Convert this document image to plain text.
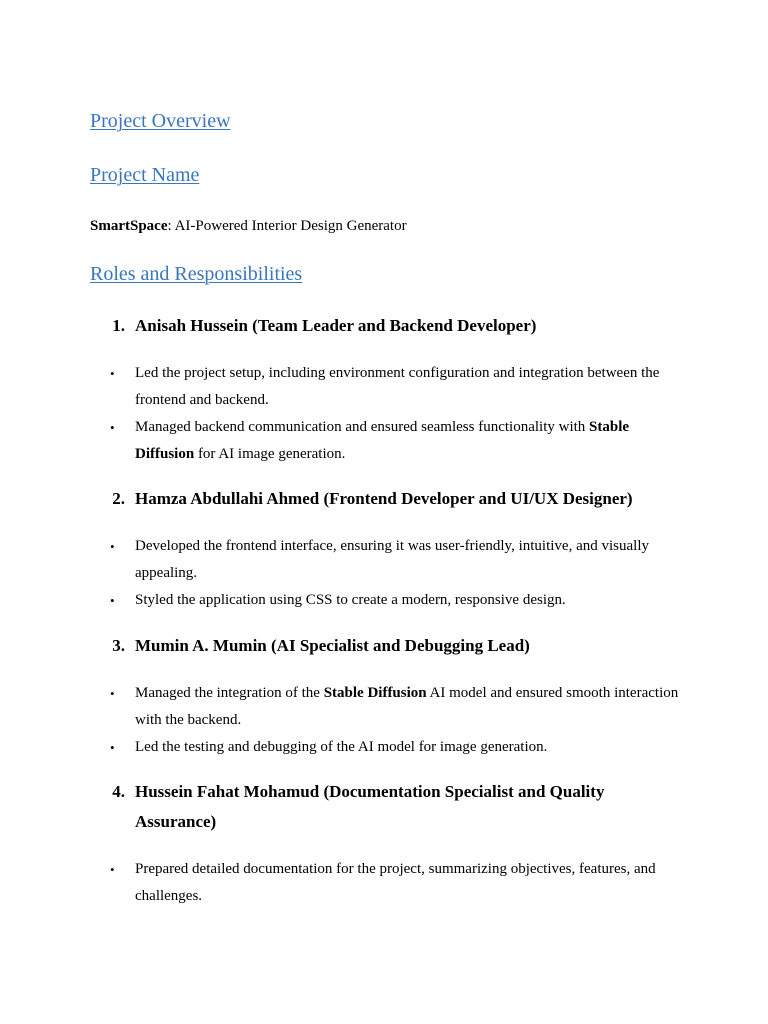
Project Overview
Project Name
SmartSpace: AI-Powered Interior Design Generator
Roles and Responsibilities
1. Anisah Hussein (Team Leader and Backend Developer)
• Led the project setup, including environment configuration and integration between the frontend and backend.
• Managed backend communication and ensured seamless functionality with Stable Diffusion for AI image generation.
2. Hamza Abdullahi Ahmed (Frontend Developer and UI/UX Designer)
• Developed the frontend interface, ensuring it was user-friendly, intuitive, and visually appealing.
• Styled the application using CSS to create a modern, responsive design.
3. Mumin A. Mumin (AI Specialist and Debugging Lead)
• Managed the integration of the Stable Diffusion AI model and ensured smooth interaction with the backend.
• Led the testing and debugging of the AI model for image generation.
4. Hussein Fahat Mohamud (Documentation Specialist and Quality Assurance)
• Prepared detailed documentation for the project, summarizing objectives, features, and challenges.
